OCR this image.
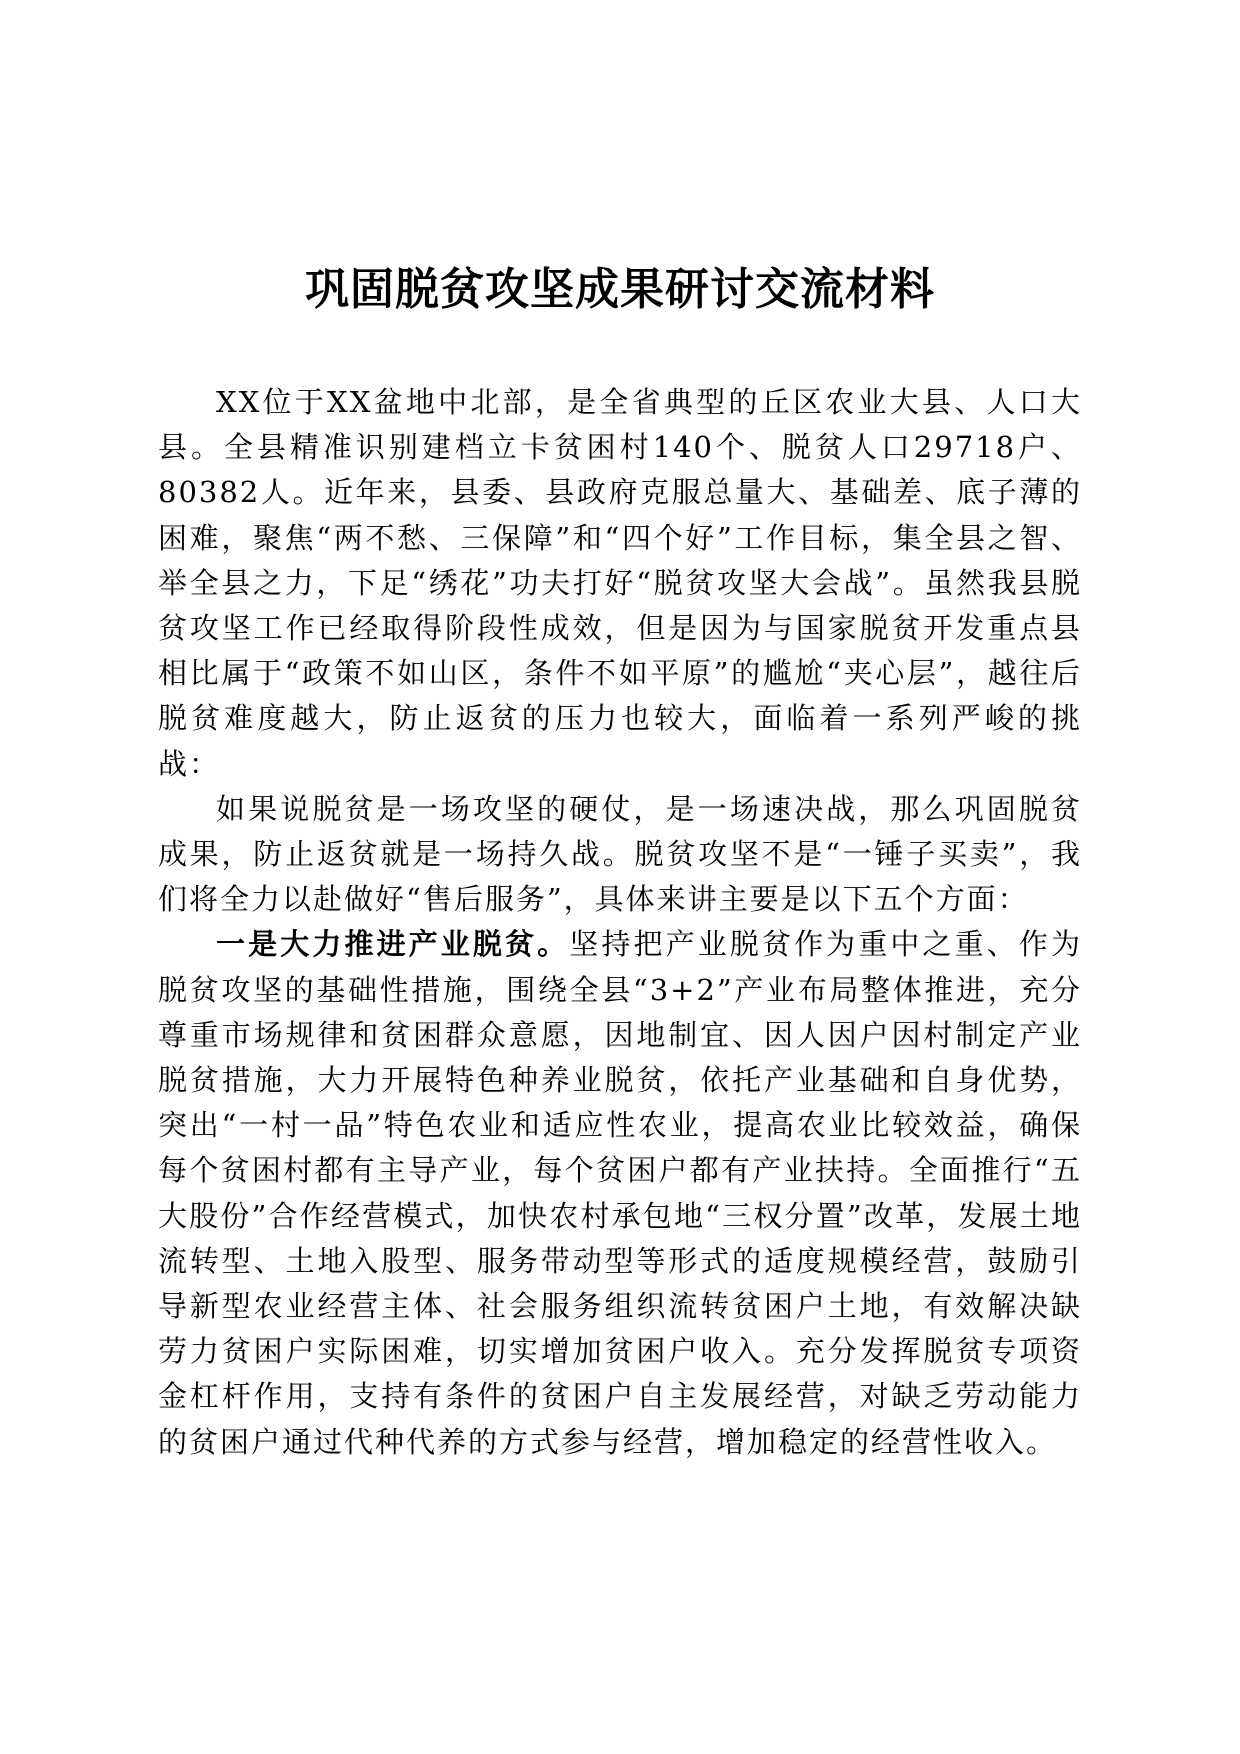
巩固脱贫攻坚成果研讨交流材料

XX位于XX盆地中北部，是全省典型的丘区农业大县、人口大县。全县精准识别建档立卡贫困村140个、脱贫人口29718户、80382人。近年来，县委、县政府克服总量大、基础差、底子薄的困难，聚焦“两不愁、三保障”和“四个好”工作目标，集全县之智、举全县之力，下足“绣花”功夫打好“脱贫攻坚大会战”。虽然我县脱贫攻坚工作已经取得阶段性成效，但是因为与国家脱贫开发重点县相比属于“政策不如山区，条件不如平原”的尴尬“夹心层”，越往后脱贫难度越大，防止返贫的压力也较大，面临着一系列严峻的挑战：

如果说脱贫是一场攻坚的硬仗，是一场速决战，那么巩固脱贫成果，防止返贫就是一场持久战。脱贫攻坚不是“一锤子买卖”，我们将全力以赴做好“售后服务”，具体来讲主要是以下五个方面：

一是大力推进产业脱贫。坚持把产业脱贫作为重中之重、作为脱贫攻坚的基础性措施，围绕全县“3+2”产业布局整体推进，充分尊重市场规律和贫困群众意愿，因地制宜、因人因户因村制定产业脱贫措施，大力开展特色种养业脱贫，依托产业基础和自身优势，突出“一村一品”特色农业和适应性农业，提高农业比较效益，确保每个贫困村都有主导产业，每个贫困户都有产业扶持。全面推行“五大股份”合作经营模式，加快农村承包地“三权分置”改革，发展土地流转型、土地入股型、服务带动型等形式的适度规模经营，鼓励引导新型农业经营主体、社会服务组织流转贫困户土地，有效解决缺劳力贫困户实际困难，切实增加贫困户收入。充分发挥脱贫专项资金杠杆作用，支持有条件的贫困户自主发展经营，对缺乏劳动能力的贫困户通过代种代养的方式参与经营，增加稳定的经营性收入。
